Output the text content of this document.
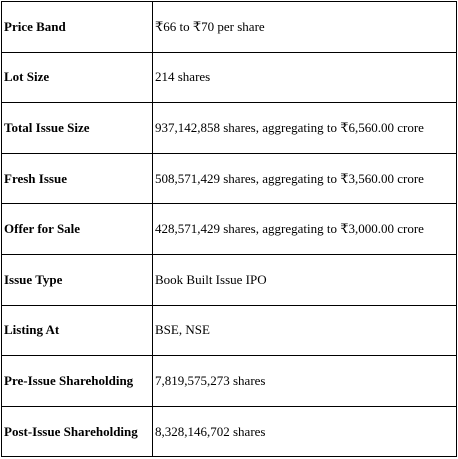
Price Band	₹66 to ₹70 per share
Lot Size	214 shares
Total Issue Size	937,142,858 shares, aggregating to ₹6,560.00 crore
Fresh Issue	508,571,429 shares, aggregating to ₹3,560.00 crore
Offer for Sale	428,571,429 shares, aggregating to ₹3,000.00 crore
Issue Type	Book Built Issue IPO
Listing At	BSE, NSE
Pre-Issue Shareholding	7,819,575,273 shares
Post-Issue Shareholding	8,328,146,702 shares
